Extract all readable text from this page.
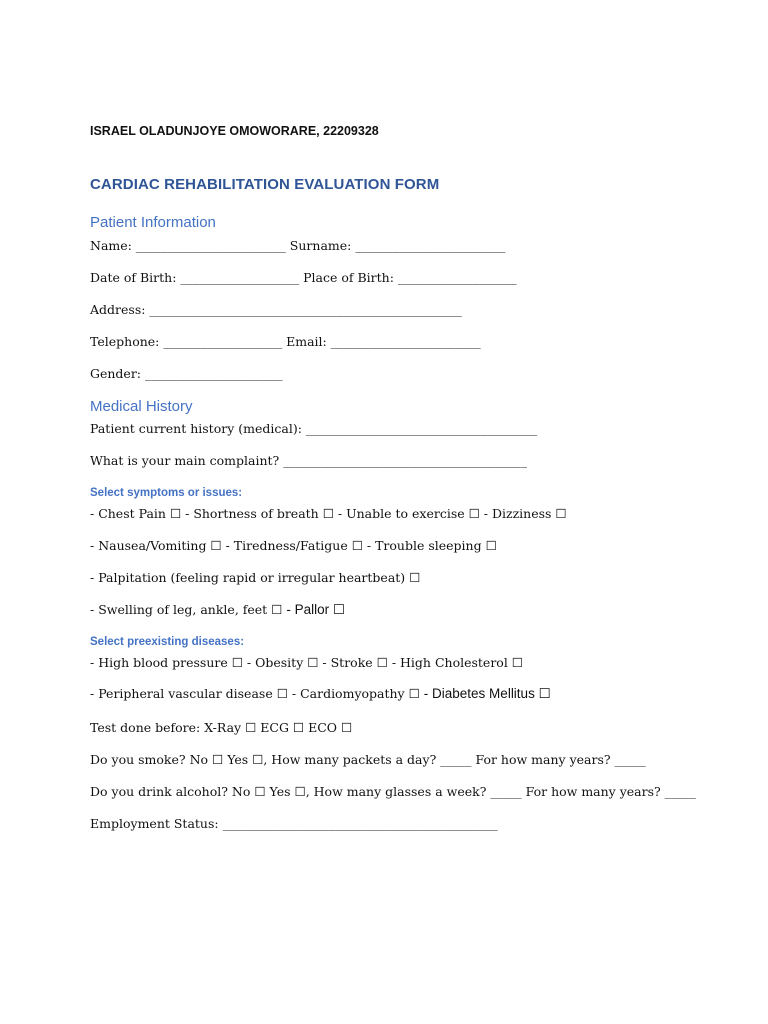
ISRAEL OLADUNJOYE OMOWORARE, 22209328
CARDIAC REHABILITATION EVALUATION FORM
Patient Information
Name: ________________________ Surname: ________________________
Date of Birth: ___________________ Place of Birth: ___________________
Address: __________________________________________________
Telephone: ___________________ Email: ________________________
Gender: ______________________
Medical History
Patient current history (medical): _____________________________________
What is your main complaint? _______________________________________
Select symptoms or issues:
- Chest Pain ☐ - Shortness of breath ☐ - Unable to exercise ☐ - Dizziness ☐
- Nausea/Vomiting ☐ - Tiredness/Fatigue ☐ - Trouble sleeping ☐
- Palpitation (feeling rapid or irregular heartbeat) ☐
- Swelling of leg, ankle, feet ☐ - Pallor ☐
Select preexisting diseases:
- High blood pressure ☐ - Obesity ☐ - Stroke ☐ - High Cholesterol ☐
- Peripheral vascular disease ☐ - Cardiomyopathy ☐ - Diabetes Mellitus ☐
Test done before: X-Ray ☐ ECG ☐ ECO ☐
Do you smoke? No ☐ Yes ☐, How many packets a day? _____ For how many years? _____
Do you drink alcohol? No ☐ Yes ☐, How many glasses a week? _____ For how many years? _____
Employment Status: ____________________________________________
